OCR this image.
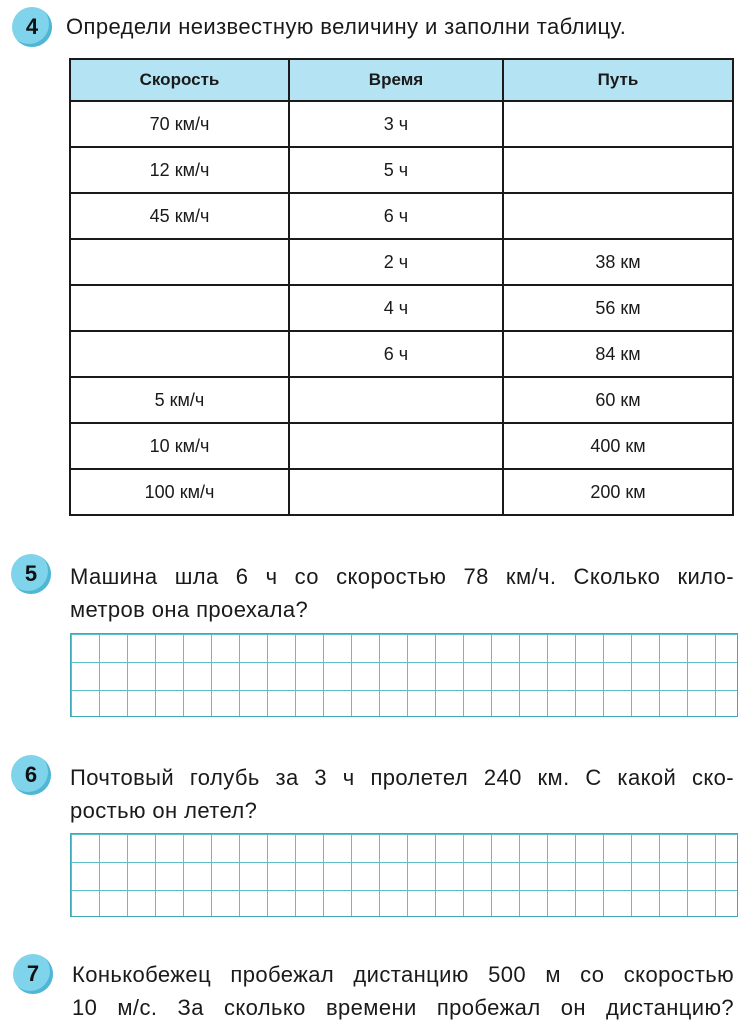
4 Определи неизвестную величину и заполни таблицу.
Скорость	Время	Путь
70 км/ч	3 ч	
12 км/ч	5 ч	
45 км/ч	6 ч	
	2 ч	38 км
	4 ч	56 км
	6 ч	84 км
5 км/ч		60 км
10 км/ч		400 км
100 км/ч		200 км
5 Машина шла 6 ч со скоростью 78 км/ч. Сколько кило-
метров она проехала?
6 Почтовый голубь за 3 ч пролетел 240 км. С какой ско-
ростью он летел?
7 Конькобежец пробежал дистанцию 500 м со скоростью
10 м/с. За сколько времени пробежал он дистанцию?
